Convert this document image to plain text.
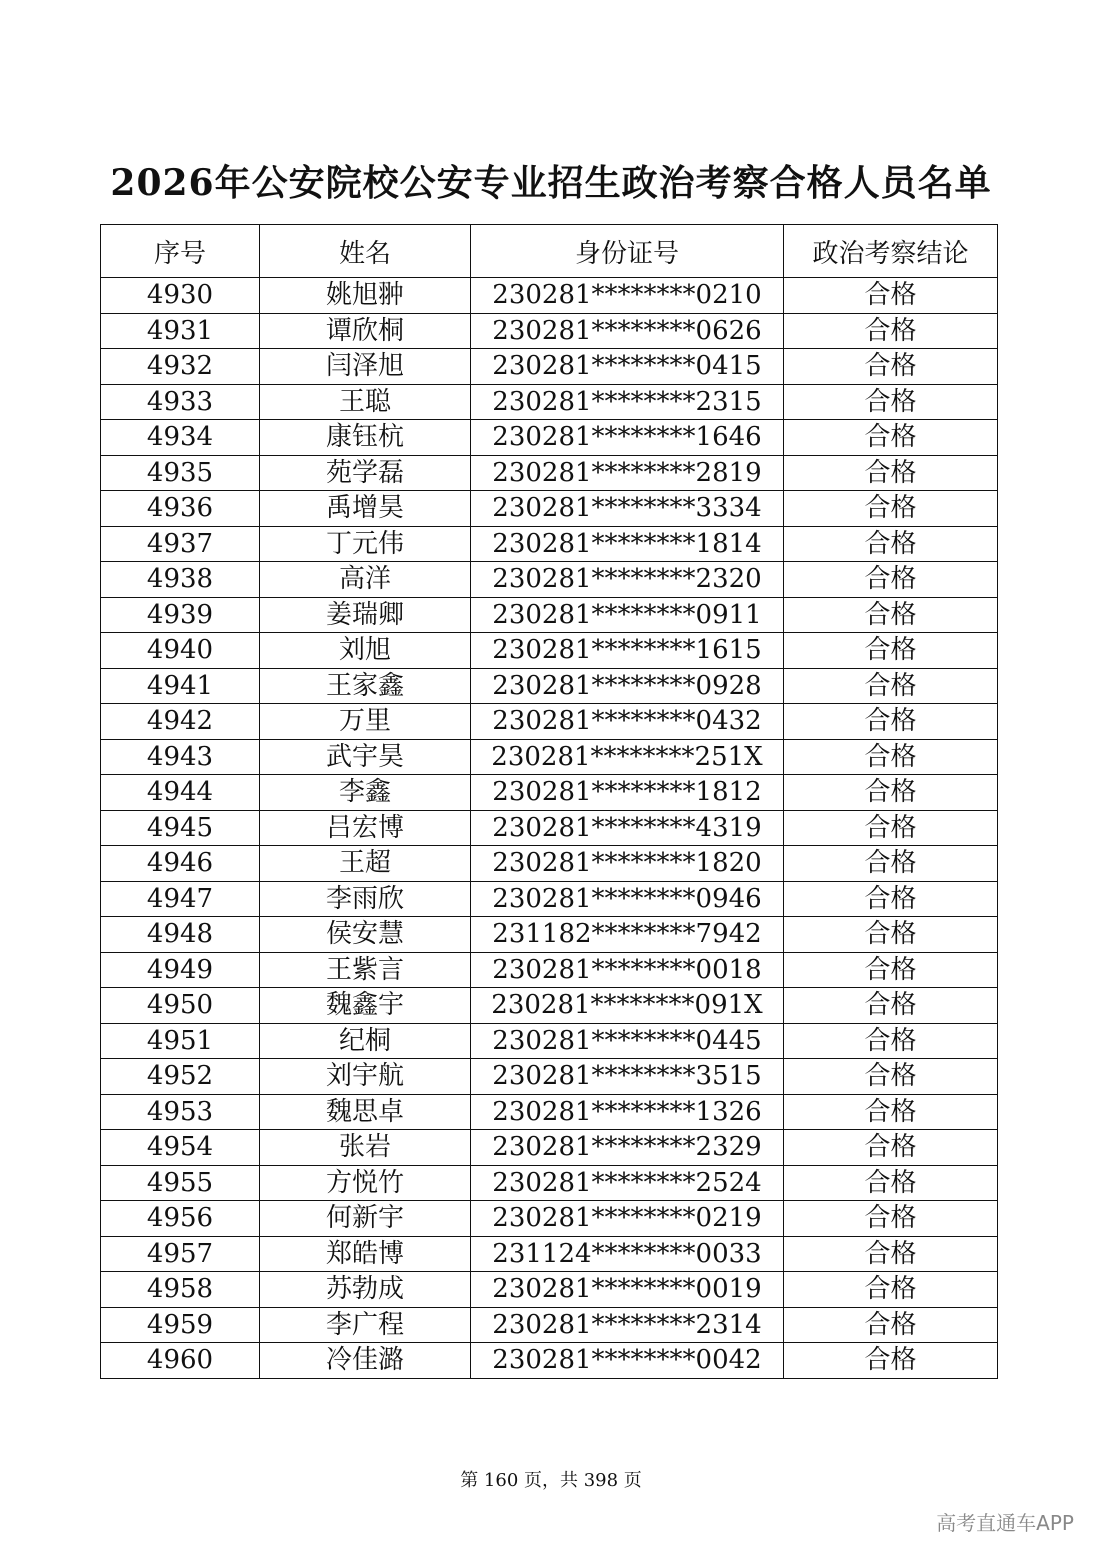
2026年公安院校公安专业招生政治考察合格人员名单
序号	姓名	身份证号	政治考察结论
4930	姚旭翀	230281********0210	合格
4931	谭欣桐	230281********0626	合格
4932	闫泽旭	230281********0415	合格
4933	王聪	230281********2315	合格
4934	康钰杭	230281********1646	合格
4935	苑学磊	230281********2819	合格
4936	禹增昊	230281********3334	合格
4937	丁元伟	230281********1814	合格
4938	高洋	230281********2320	合格
4939	姜瑞卿	230281********0911	合格
4940	刘旭	230281********1615	合格
4941	王家鑫	230281********0928	合格
4942	万里	230281********0432	合格
4943	武宇昊	230281********251X	合格
4944	李鑫	230281********1812	合格
4945	吕宏博	230281********4319	合格
4946	王超	230281********1820	合格
4947	李雨欣	230281********0946	合格
4948	侯安慧	231182********7942	合格
4949	王紫言	230281********0018	合格
4950	魏鑫宇	230281********091X	合格
4951	纪桐	230281********0445	合格
4952	刘宇航	230281********3515	合格
4953	魏思卓	230281********1326	合格
4954	张岩	230281********2329	合格
4955	方悦竹	230281********2524	合格
4956	何新宇	230281********0219	合格
4957	郑皓博	231124********0033	合格
4958	苏勃成	230281********0019	合格
4959	李广程	230281********2314	合格
4960	冷佳潞	230281********0042	合格
第 160 页，共 398 页
高考直通车APP
